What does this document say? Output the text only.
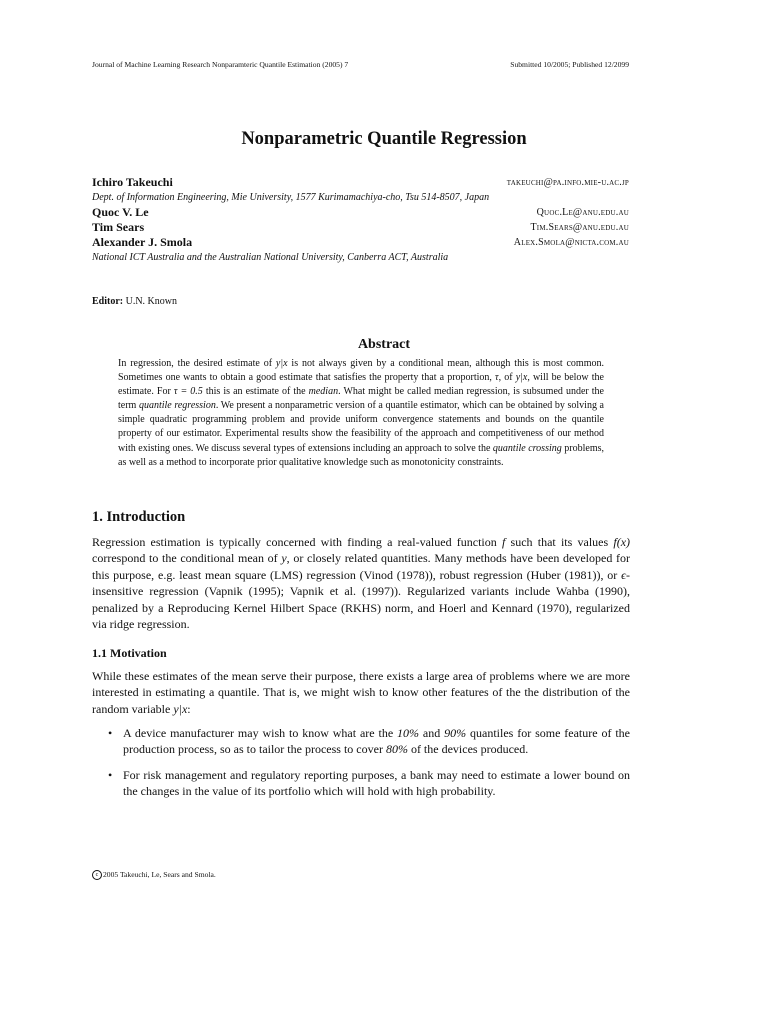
Journal of Machine Learning Research Nonparamteric Quantile Estimation (2005) 7	Submitted 10/2005; Published 12/2099
Nonparametric Quantile Regression
Ichiro Takeuchi	takeuchi@pa.info.mie-u.ac.jp
Dept. of Information Engineering, Mie University, 1577 Kurimamachiya-cho, Tsu 514-8507, Japan
Quoc V. Le	Quoc.Le@anu.edu.au
Tim Sears	Tim.Sears@anu.edu.au
Alexander J. Smola	Alex.Smola@nicta.com.au
National ICT Australia and the Australian National University, Canberra ACT, Australia
Editor: U.N. Known
Abstract
In regression, the desired estimate of y|x is not always given by a conditional mean, although this is most common. Sometimes one wants to obtain a good estimate that satisfies the property that a proportion, τ, of y|x, will be below the estimate. For τ = 0.5 this is an estimate of the median. What might be called median regression, is subsumed under the term quantile regression. We present a nonparametric version of a quantile estimator, which can be obtained by solving a simple quadratic programming problem and provide uniform convergence statements and bounds on the quantile property of our estimator. Experimental results show the feasibility of the approach and competitiveness of our method with existing ones. We discuss several types of extensions including an approach to solve the quantile crossing problems, as well as a method to incorporate prior qualitative knowledge such as monotonicity constraints.
1. Introduction
Regression estimation is typically concerned with finding a real-valued function f such that its values f(x) correspond to the conditional mean of y, or closely related quantities. Many methods have been developed for this purpose, e.g. least mean square (LMS) regression (Vinod (1978)), robust regression (Huber (1981)), or ϵ-insensitive regression (Vapnik (1995); Vapnik et al. (1997)). Regularized variants include Wahba (1990), penalized by a Reproducing Kernel Hilbert Space (RKHS) norm, and Hoerl and Kennard (1970), regularized via ridge regression.
1.1 Motivation
While these estimates of the mean serve their purpose, there exists a large area of problems where we are more interested in estimating a quantile. That is, we might wish to know other features of the the distribution of the random variable y|x:
• A device manufacturer may wish to know what are the 10% and 90% quantiles for some feature of the production process, so as to tailor the process to cover 80% of the devices produced.
• For risk management and regulatory reporting purposes, a bank may need to estimate a lower bound on the changes in the value of its portfolio which will hold with high probability.
c 2005 Takeuchi, Le, Sears and Smola.
